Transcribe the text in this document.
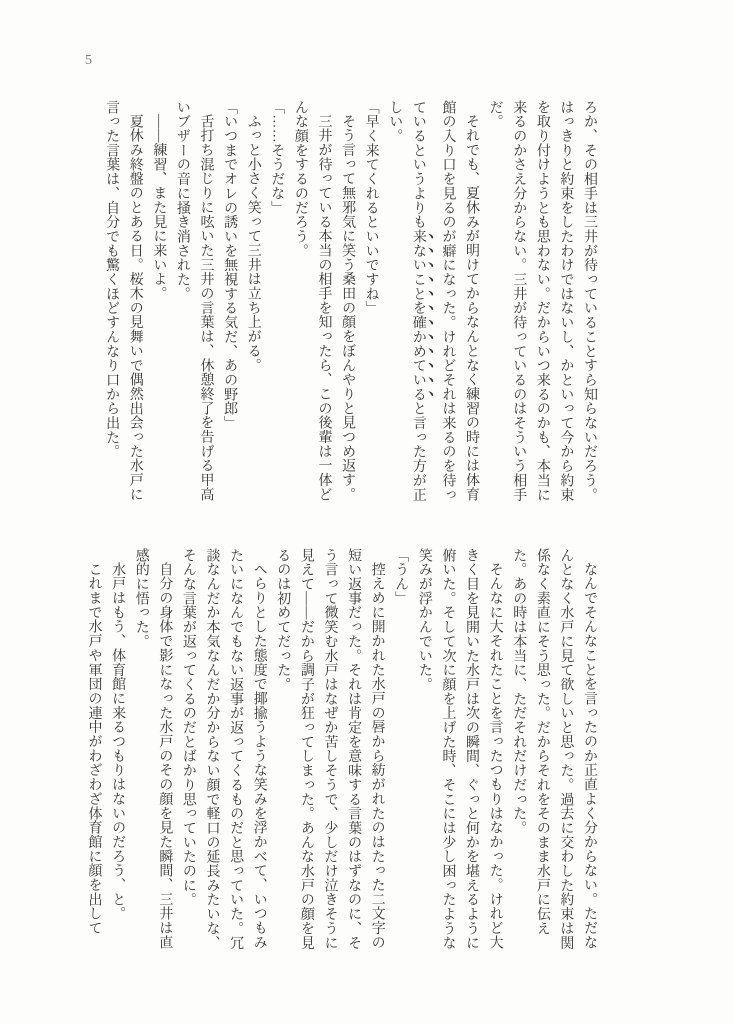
5

ろか、その相手は三井が待っていることすら知らないだろう。はっきりと約束をしたわけではないし、かといって今から約束を取り付けようとも思わない。だからいつ来るのかも、本当に来るのかさえ分からない。三井が待っているのはそういう相手だ。

それでも、夏休みが明けてからなんとなく練習の時には体育館の入り口を見るのが癖になった。けれどそれは来るのを待っているというよりも来ないことを確かめていると言った方が正しい。

「早く来てくれるといいですね」

そう言って無邪気に笑う桑田の顔をぼんやりと見つめ返す。

三井が待っている本当の相手を知ったら、この後輩は一体どんな顔をするのだろう。

「……そうだな」

ふっと小さく笑って三井は立ち上がる。

「いつまでオレの誘いを無視する気だ、あの野郎」

舌打ち混じりに呟いた三井の言葉は、休憩終了を告げる甲高いブザーの音に掻き消された。

――練習、また見に来いよ。

夏休み終盤のとある日。桜木の見舞いで偶然出会った水戸に言った言葉は、自分でも驚くほどすんなり口から出た。

なんでそんなことを言ったのか正直よく分からない。ただなんとなく水戸に見て欲しいと思った。過去に交わした約束は関係なく素直にそう思った。だからそれをそのまま水戸に伝えた。あの時は本当に、ただそれだけだった。

そんなに大それたことを言ったつもりはなかった。けれど大きく目を見開いた水戸は次の瞬間、ぐっと何かを堪えるように俯いた。そして次に顔を上げた時、そこには少し困ったような笑みが浮かんでいた。

「うん」

控えめに開かれた水戸の唇から紡がれたのはたった二文字の短い返事だった。それは肯定を意味する言葉のはずなのに、そう言って微笑む水戸はなぜか苦しそうで、少しだけ泣きそうに見えて――だから調子が狂ってしまった。あんな水戸の顔を見るのは初めてだった。

へらりとした態度で揶揄うような笑みを浮かべて、いつもみたいになんでもない返事が返ってくるものだと思っていた。冗談なんだか本気なんだか分からない顔で軽口の延長みたいな、そんな言葉が返ってくるのだとばかり思っていたのに。

自分の身体で影になった水戸のその顔を見た瞬間、三井は直感的に悟った。

水戸はもう、体育館に来るつもりはないのだろう、と。

これまで水戸や軍団の連中がわざわざ体育館に顔を出して
